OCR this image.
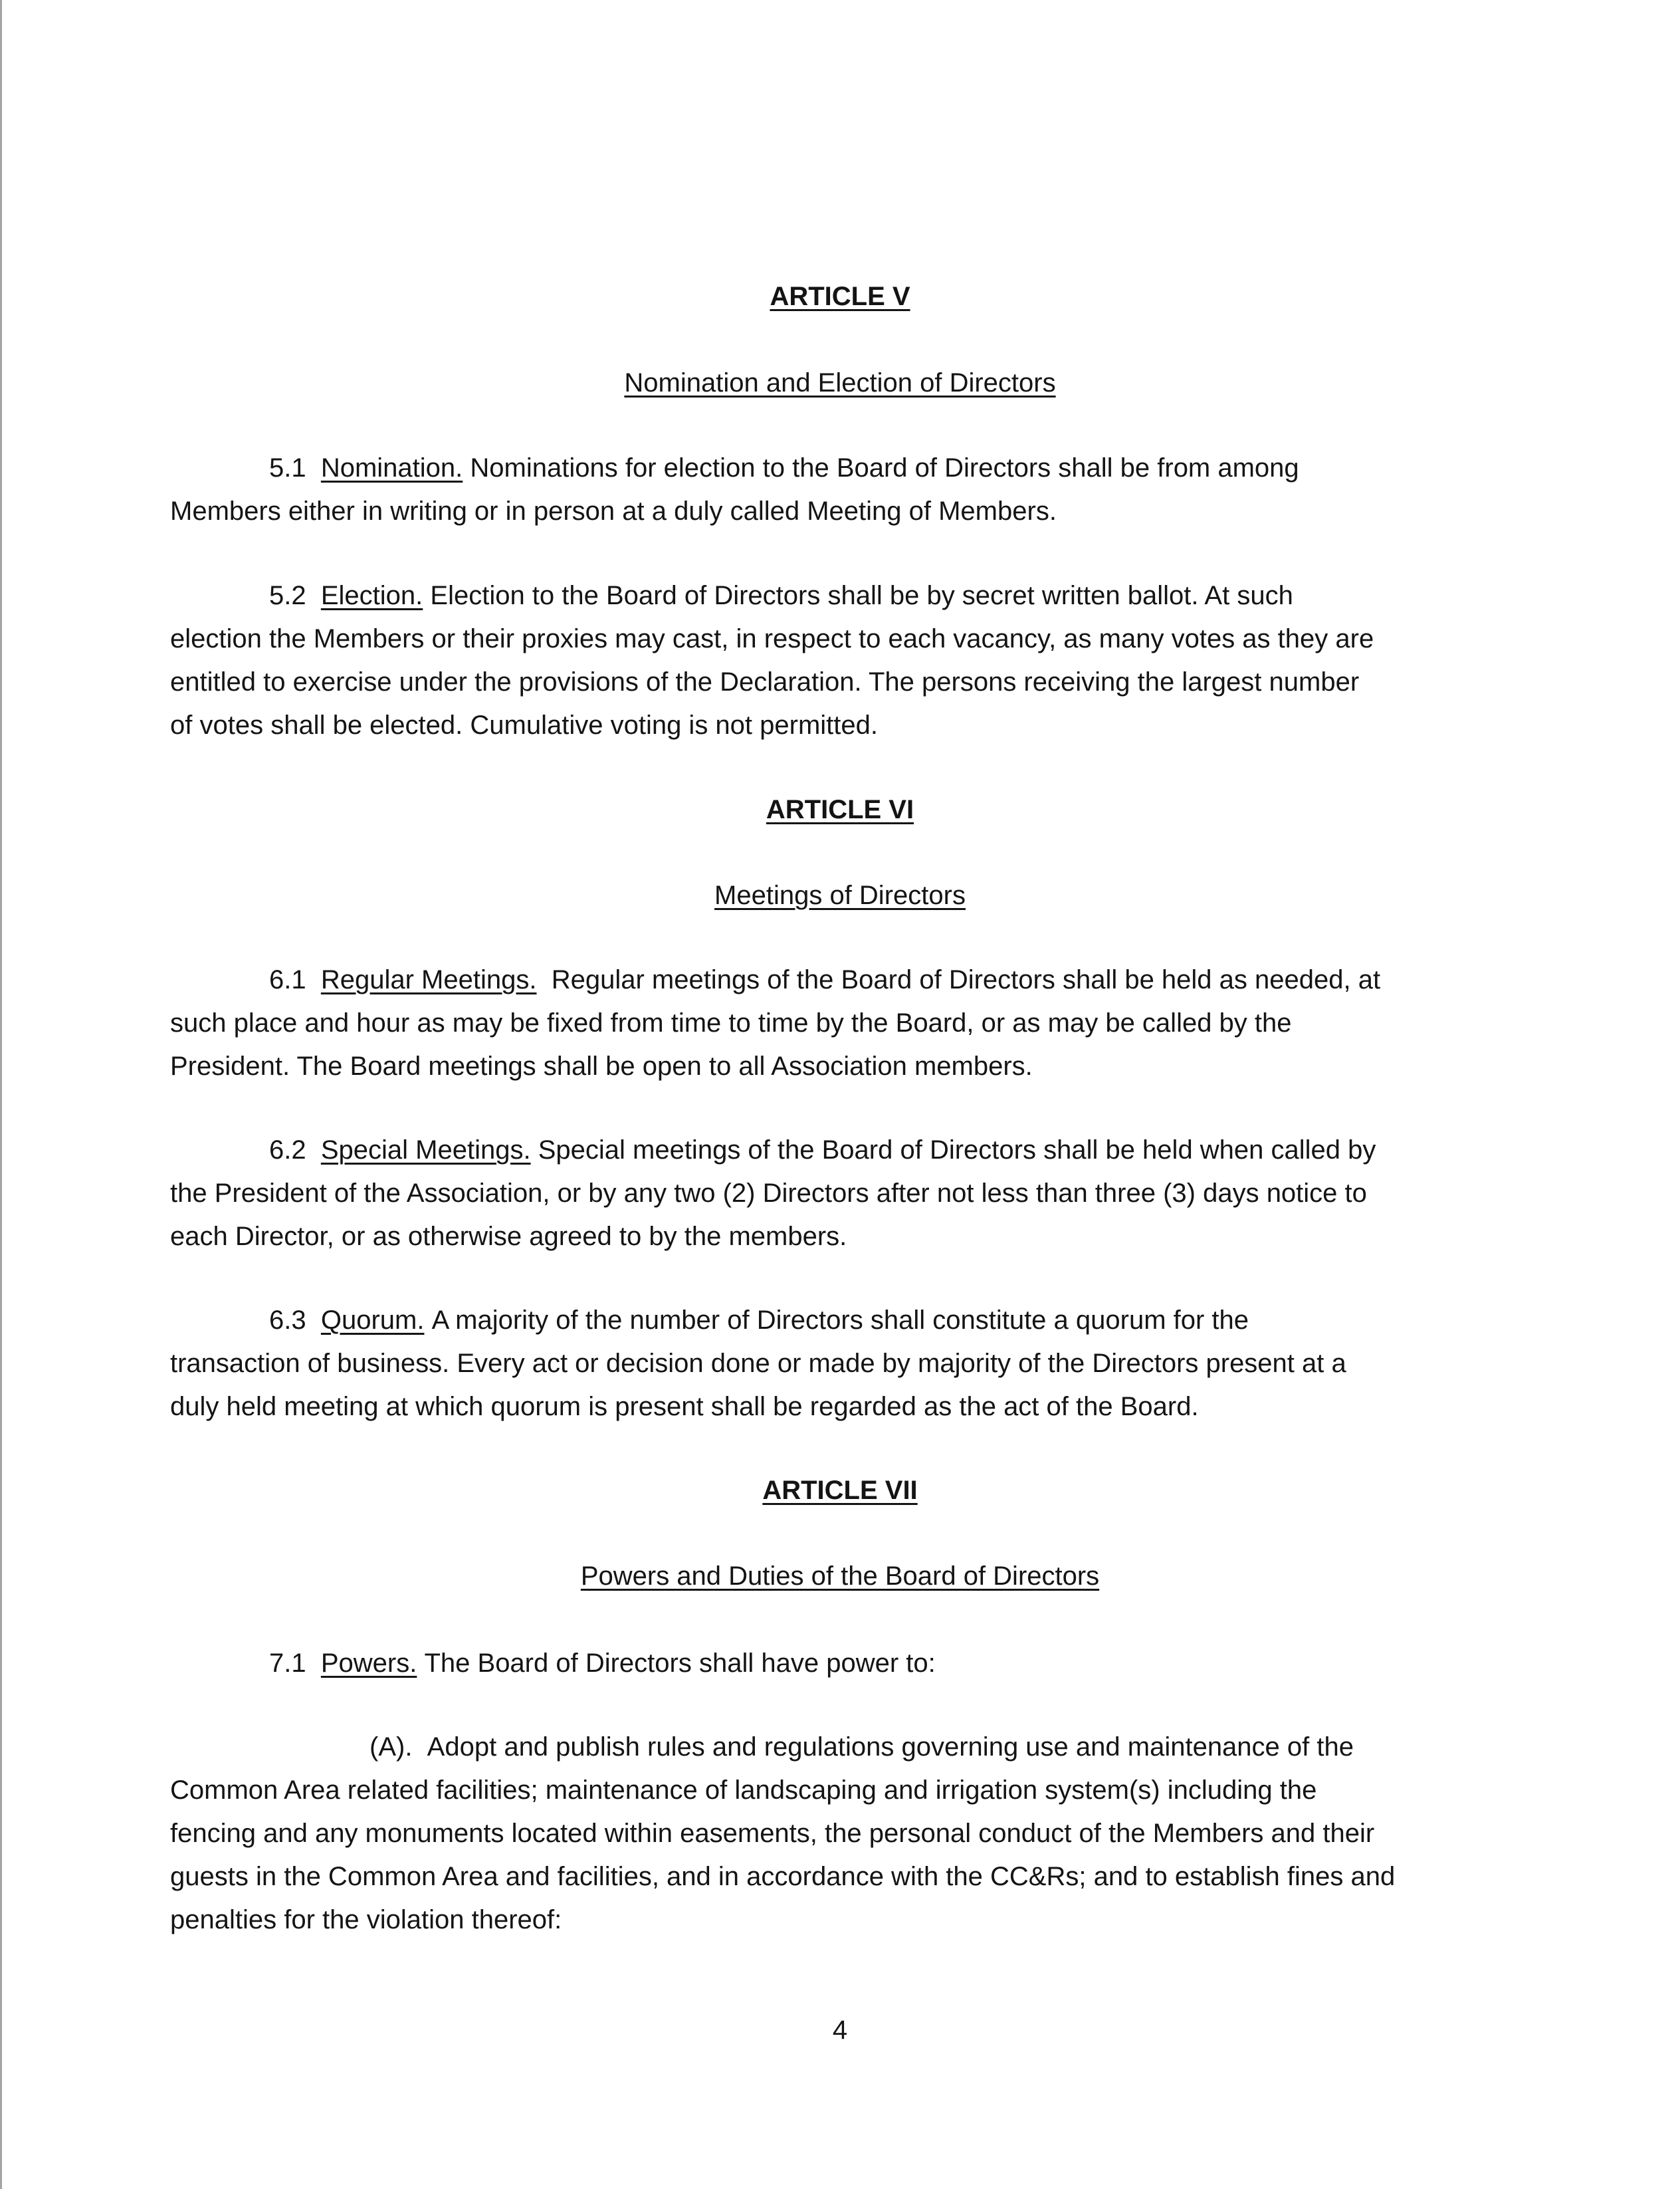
ARTICLE V
Nomination and Election of Directors
5.1 Nomination. Nominations for election to the Board of Directors shall be from among
Members either in writing or in person at a duly called Meeting of Members.
5.2 Election. Election to the Board of Directors shall be by secret written ballot. At such
election the Members or their proxies may cast, in respect to each vacancy, as many votes as they are
entitled to exercise under the provisions of the Declaration. The persons receiving the largest number
of votes shall be elected. Cumulative voting is not permitted.
ARTICLE VI
Meetings of Directors
6.1 Regular Meetings. Regular meetings of the Board of Directors shall be held as needed, at
such place and hour as may be fixed from time to time by the Board, or as may be called by the
President. The Board meetings shall be open to all Association members.
6.2 Special Meetings. Special meetings of the Board of Directors shall be held when called by
the President of the Association, or by any two (2) Directors after not less than three (3) days notice to
each Director, or as otherwise agreed to by the members.
6.3 Quorum. A majority of the number of Directors shall constitute a quorum for the
transaction of business. Every act or decision done or made by majority of the Directors present at a
duly held meeting at which quorum is present shall be regarded as the act of the Board.
ARTICLE VII
Powers and Duties of the Board of Directors
7.1 Powers. The Board of Directors shall have power to:
(A). Adopt and publish rules and regulations governing use and maintenance of the
Common Area related facilities; maintenance of landscaping and irrigation system(s) including the
fencing and any monuments located within easements, the personal conduct of the Members and their
guests in the Common Area and facilities, and in accordance with the CC&Rs; and to establish fines and
penalties for the violation thereof:
4
